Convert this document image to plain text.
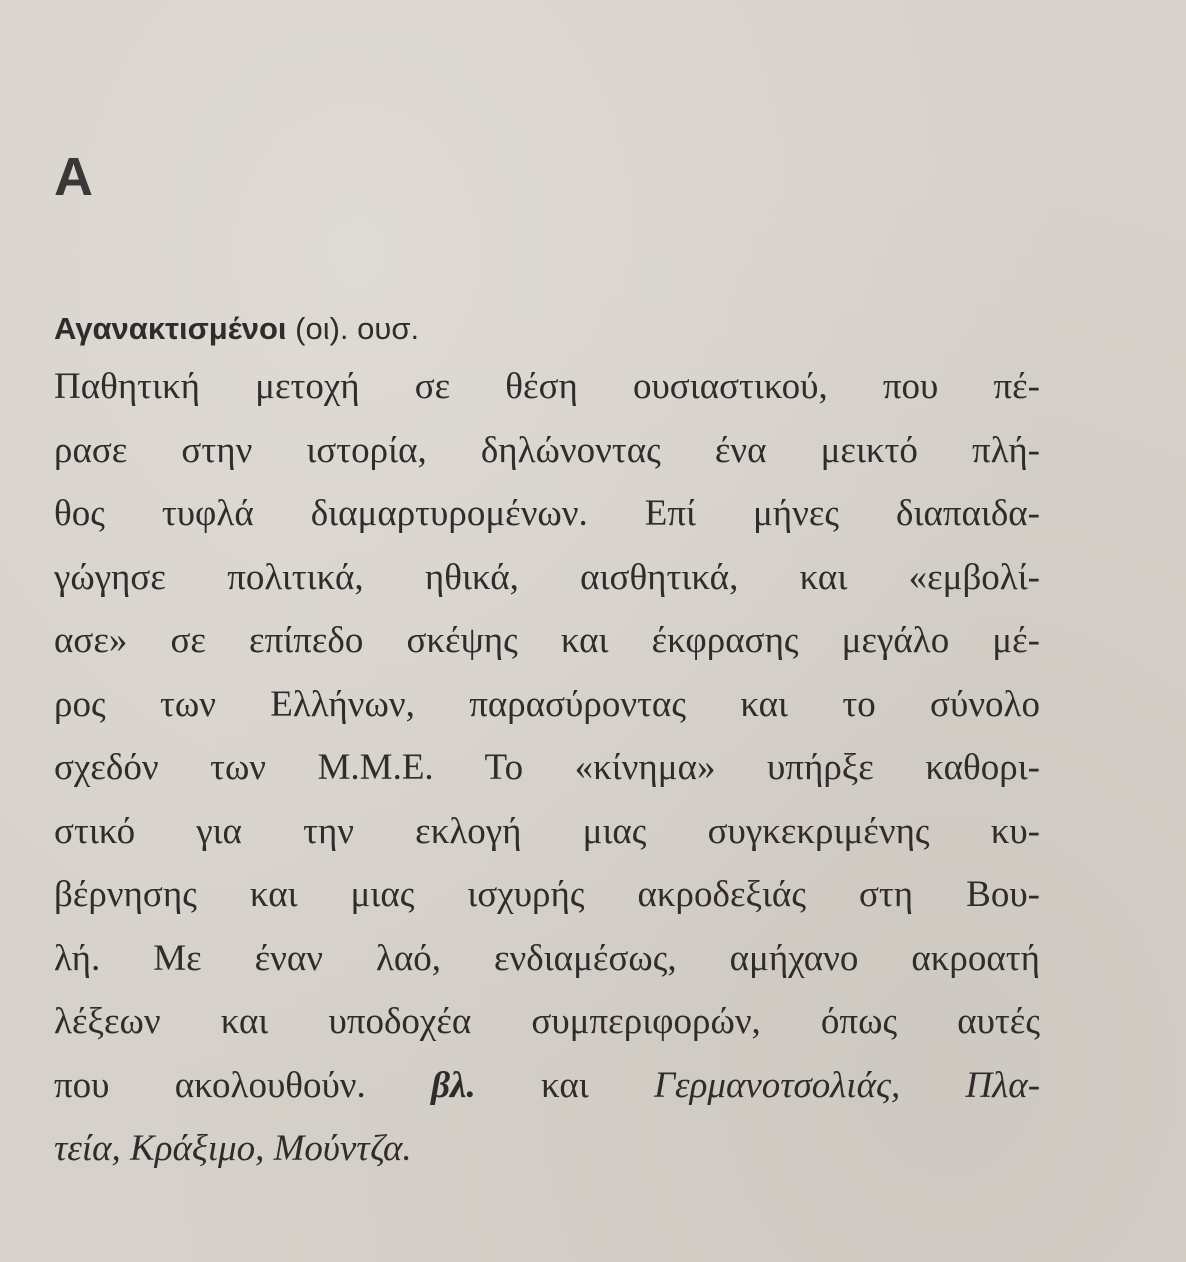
Α

Αγανακτισμένοι (οι). ουσ.

Παθητική μετοχή σε θέση ουσιαστικού, που πέ-
ρασε στην ιστορία, δηλώνοντας ένα μεικτό πλή-
θος τυφλά διαμαρτυρομένων. Επί μήνες διαπαιδα-
γώγησε πολιτικά, ηθικά, αισθητικά, και «εμβολί-
ασε» σε επίπεδο σκέψης και έκφρασης μεγάλο μέ-
ρος των Ελλήνων, παρασύροντας και το σύνολο
σχεδόν των Μ.Μ.Ε. Το «κίνημα» υπήρξε καθορι-
στικό για την εκλογή μιας συγκεκριμένης κυ-
βέρνησης και μιας ισχυρής ακροδεξιάς στη Βου-
λή. Με έναν λαό, ενδιαμέσως, αμήχανο ακροατή
λέξεων και υποδοχέα συμπεριφορών, όπως αυτές
που ακολουθούν. βλ. και Γερμανοτσολιάς, Πλα-
τεία, Κράξιμο, Μούντζα.
